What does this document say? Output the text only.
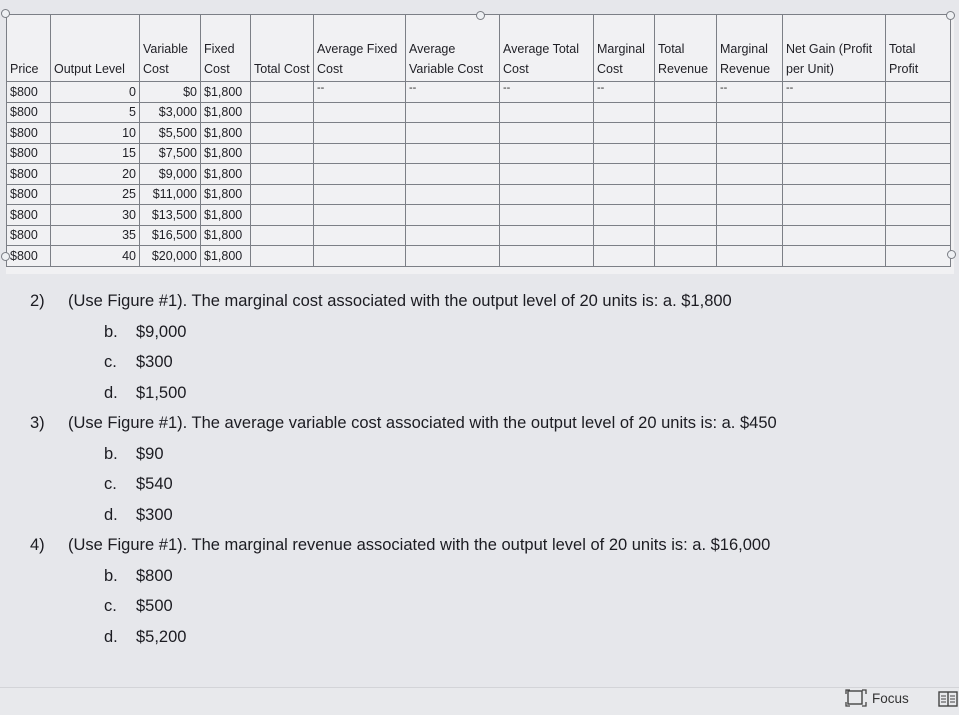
Price	Output Level	Variable Cost	Fixed Cost	Total Cost	Average Fixed Cost	Average Variable Cost	Average Total Cost	Marginal Cost	Total Revenue	Marginal Revenue	Net Gain (Profit per Unit)	Total Profit
$800	0	$0	$1,800		--	--	--	--		--	--	
$800	5	$3,000	$1,800									
$800	10	$5,500	$1,800									
$800	15	$7,500	$1,800									
$800	20	$9,000	$1,800									
$800	25	$11,000	$1,800									
$800	30	$13,500	$1,800									
$800	35	$16,500	$1,800									
$800	40	$20,000	$1,800									
2) (Use Figure #1). The marginal cost associated with the output level of 20 units is: a. $1,800
b. $9,000
c. $300
d. $1,500
3) (Use Figure #1). The average variable cost associated with the output level of 20 units is: a. $450
b. $90
c. $540
d. $300
4) (Use Figure #1). The marginal revenue associated with the output level of 20 units is: a. $16,000
b. $800
c. $500
d. $5,200
Focus
